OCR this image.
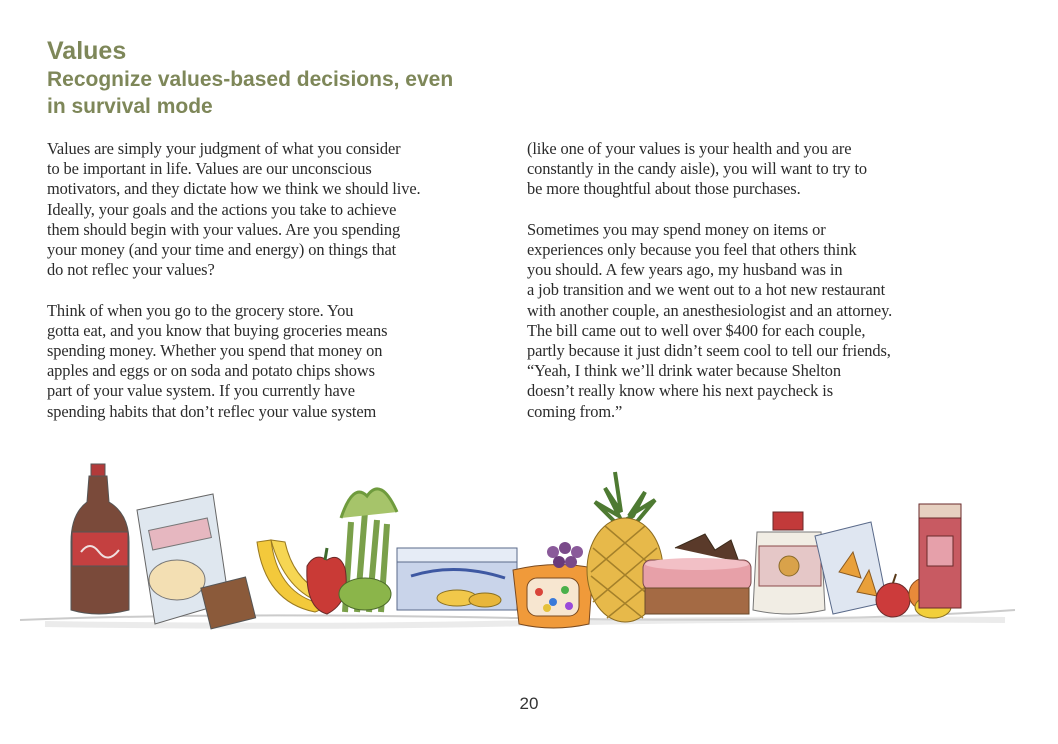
Values
Recognize values-based decisions, even in survival mode

Values are simply your judgment of what you consider
to be important in life. Values are our unconscious
motivators, and they dictate how we think we should live.
Ideally, your goals and the actions you take to achieve
them should begin with your values. Are you spending
your money (and your time and energy) on things that
do not reflec your values?

Think of when you go to the grocery store. You
gotta eat, and you know that buying groceries means
spending money. Whether you spend that money on
apples and eggs or on soda and potato chips shows
part of your value system. If you currently have
spending habits that don’t reflec your value system

(like one of your values is your health and you are
constantly in the candy aisle), you will want to try to
be more thoughtful about those purchases.

Sometimes you may spend money on items or
experiences only because you feel that others think
you should. A few years ago, my husband was in
a job transition and we went out to a hot new restaurant
with another couple, an anesthesiologist and an attorney.
The bill came out to well over $400 for each couple,
partly because it just didn’t seem cool to tell our friends,
“Yeah, I think we’ll drink water because Shelton
doesn’t really know where his next paycheck is
coming from.”

20
